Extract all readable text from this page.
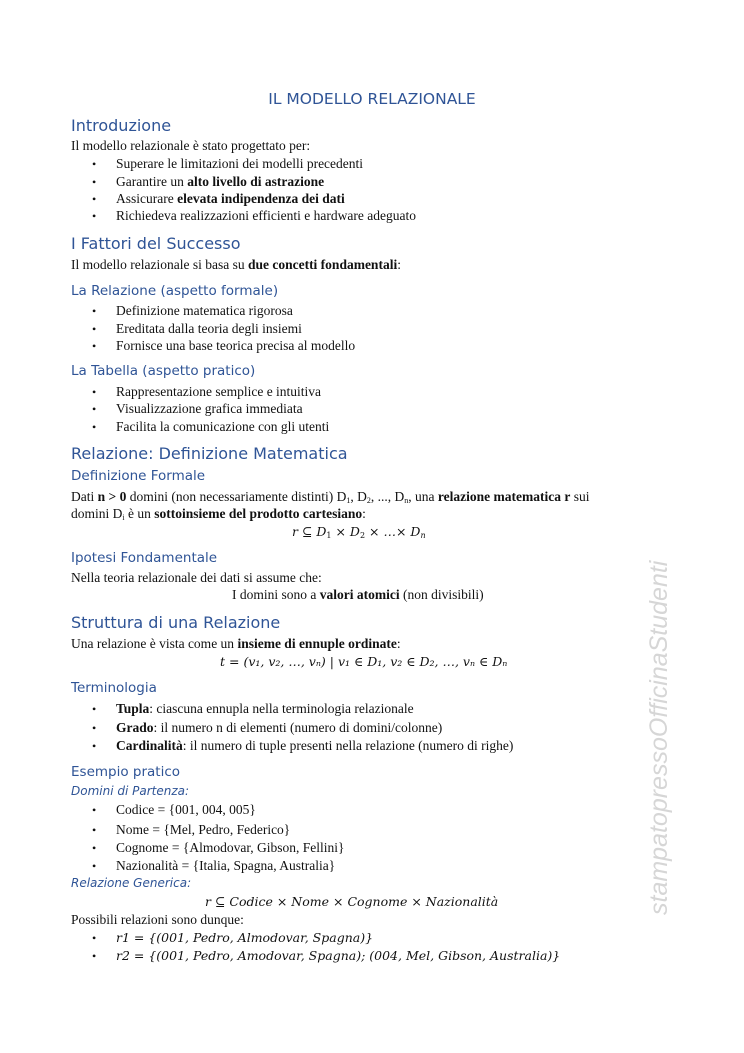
IL MODELLO RELAZIONALE
Introduzione
Il modello relazionale è stato progettato per:
• Superare le limitazioni dei modelli precedenti
• Garantire un alto livello di astrazione
• Assicurare elevata indipendenza dei dati
• Richiedeva realizzazioni efficienti e hardware adeguato
I Fattori del Successo
Il modello relazionale si basa su due concetti fondamentali:
La Relazione (aspetto formale)
• Definizione matematica rigorosa
• Ereditata dalla teoria degli insiemi
• Fornisce una base teorica precisa al modello
La Tabella (aspetto pratico)
• Rappresentazione semplice e intuitiva
• Visualizzazione grafica immediata
• Facilita la comunicazione con gli utenti
Relazione: Definizione Matematica
Definizione Formale
Dati n > 0 domini (non necessariamente distinti) $D_1$, $D_2$, ..., $D_n$, una relazione matematica r sui
domini $D_i$ è un sottoinsieme del prodotto cartesiano:
r ⊆ $D_1 \times D_2$ × …× $D_n$
Ipotesi Fondamentale
Nella teoria relazionale dei dati si assume che:
I domini sono a valori atomici (non divisibili)
Struttura di una Relazione
Una relazione è vista come un insieme di ennuple ordinate:
t = (v₁, v₂, …, vₙ) | v₁ ∈ D₁, v₂ ∈ D₂, …, vₙ ∈ Dₙ
Terminologia
• Tupla: ciascuna ennupla nella terminologia relazionale
• Grado: il numero n di elementi (numero di domini/colonne)
• Cardinalità: il numero di tuple presenti nella relazione (numero di righe)
Esempio pratico
Domini di Partenza:
• Codice = {001, 004, 005}
• Nome = {Mel, Pedro, Federico}
• Cognome = {Almodovar, Gibson, Fellini}
• Nazionalità = {Italia, Spagna, Australia}
Relazione Generica:
r ⊆ Codice × Nome × Cognome × Nazionalità
Possibili relazioni sono dunque:
• r1 = {(001, Pedro, Almodovar, Spagna)}
• r2 = {(001, Pedro, Amodovar, Spagna); (004, Mel, Gibson, Australia)}
stampatopressoOfficinaStudenti
